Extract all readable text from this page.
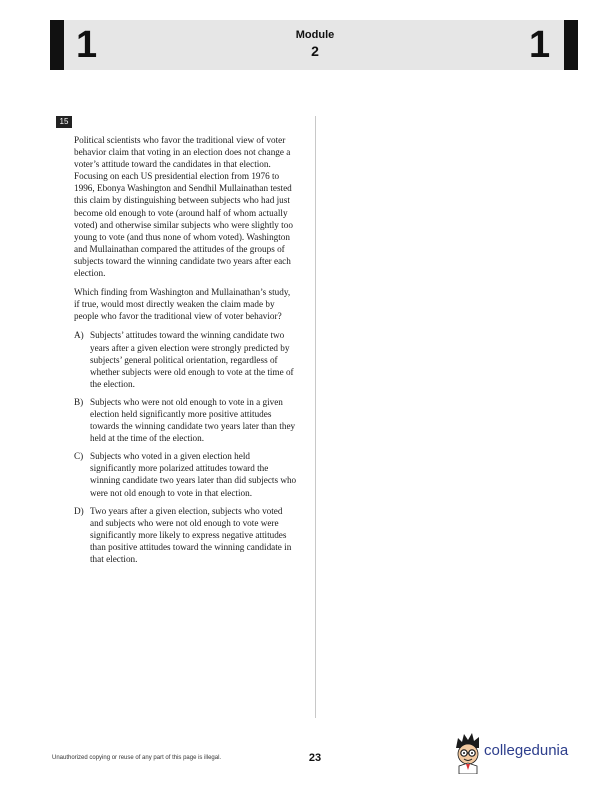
1	1
Module
2
15

Political scientists who favor the traditional view of voter behavior claim that voting in an election does not change a voter’s attitude toward the candidates in that election. Focusing on each US presidential election from 1976 to 1996, Ebonya Washington and Sendhil Mullainathan tested this claim by distinguishing between subjects who had just become old enough to vote (around half of whom actually voted) and otherwise similar subjects who were slightly too young to vote (and thus none of whom voted). Washington and Mullainathan compared the attitudes of the groups of subjects toward the winning candidate two years after each election.

Which finding from Washington and Mullainathan’s study, if true, would most directly weaken the claim made by people who favor the traditional view of voter behavior?

A) Subjects’ attitudes toward the winning candidate two years after a given election were strongly predicted by subjects’ general political orientation, regardless of whether subjects were old enough to vote at the time of the election.
B) Subjects who were not old enough to vote in a given election held significantly more positive attitudes towards the winning candidate two years later than they held at the time of the election.
C) Subjects who voted in a given election held significantly more polarized attitudes toward the winning candidate two years later than did subjects who were not old enough to vote in that election.
D) Two years after a given election, subjects who voted and subjects who were not old enough to vote were significantly more likely to express negative attitudes than positive attitudes toward the winning candidate in that election.
Unauthorized copying or reuse of any part of this page is illegal.	23	collegedunia
